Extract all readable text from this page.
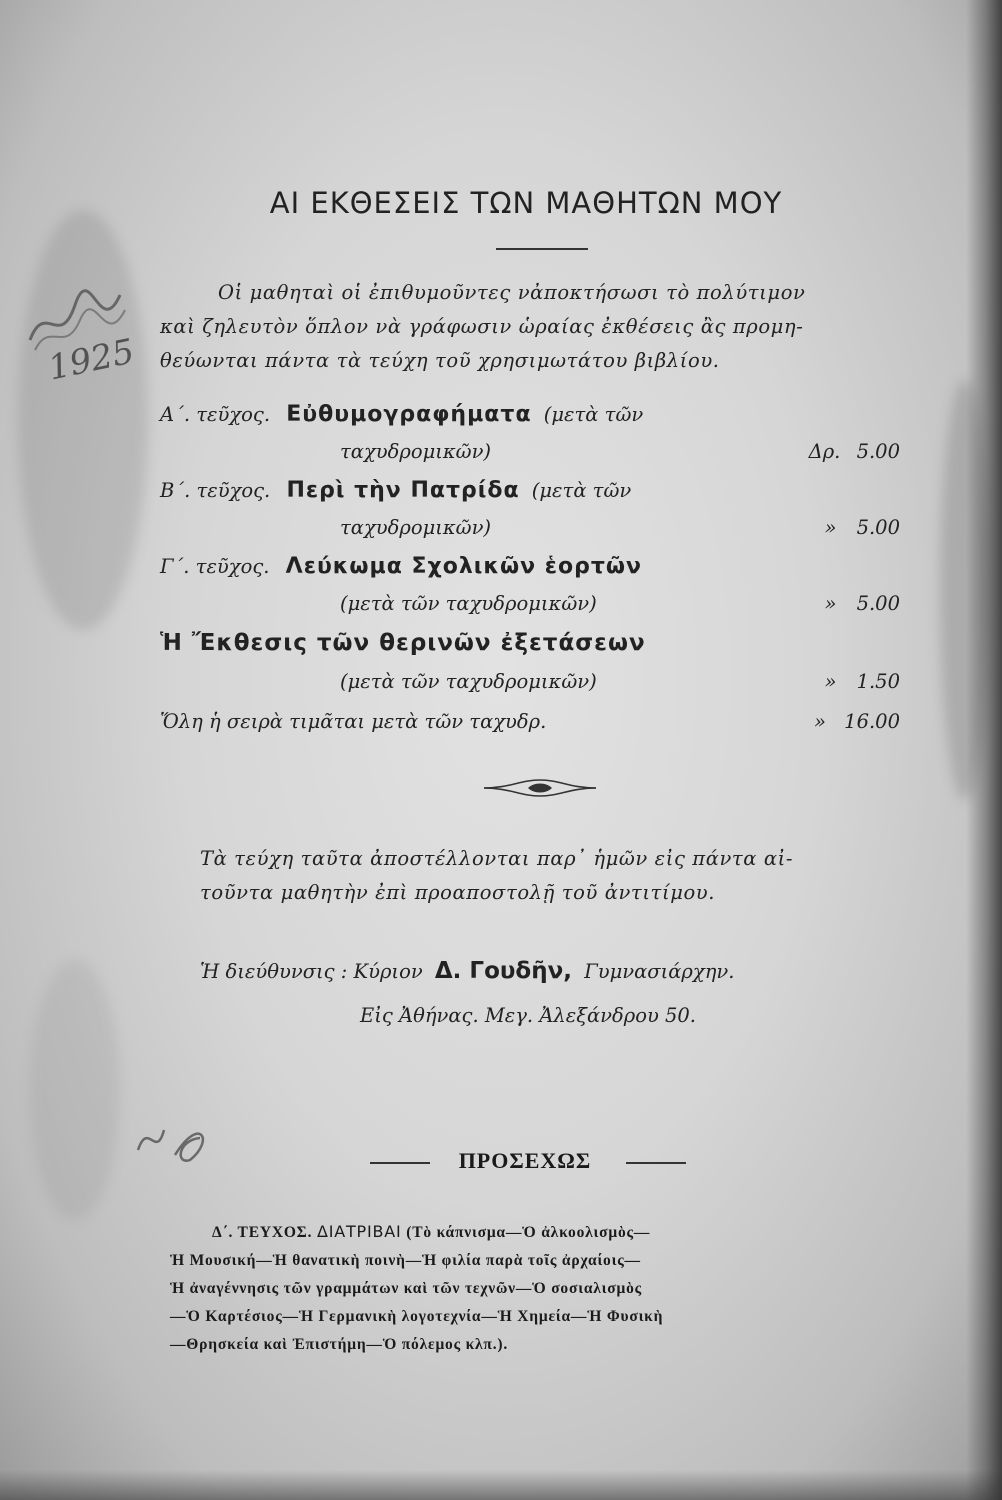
1925
ΑΙ ΕΚΘΕΣΕΙΣ ΤΩΝ ΜΑΘΗΤΩΝ ΜΟΥ
Οἱ μαθηταὶ οἱ ἐπιθυμοῦντες νἀποκτήσωσι τὸ πολύτιμον
καὶ ζηλευτὸν ὅπλον νὰ γράφωσιν ὡραίας ἐκθέσεις ἂς προμη-
θεύωνται πάντα τὰ τεύχη τοῦ χρησιμωτάτου βιβλίου.
Α΄. τεῦχος. Εὐθυμογραφήματα (μετὰ τῶν
ταχυδρομικῶν)	Δρ. 5.00
Β΄. τεῦχος. Περὶ τὴν Πατρίδα (μετὰ τῶν
ταχυδρομικῶν)	» 5.00
Γ΄. τεῦχος. Λεύκωμα Σχολικῶν ἑορτῶν
(μετὰ τῶν ταχυδρομικῶν)	» 5.00
Ἡ Ἔκθεσις τῶν θερινῶν ἐξετάσεων
(μετὰ τῶν ταχυδρομικῶν)	» 1.50
Ὅλη ἡ σειρὰ τιμᾶται μετὰ τῶν ταχυδρ.	» 16.00
Τὰ τεύχη ταῦτα ἀποστέλλονται παρ᾽ ἡμῶν εἰς πάντα αἰ-
τοῦντα μαθητὴν ἐπὶ προαποστολῇ τοῦ ἀντιτίμου.
Ἡ διεύθυνσις : Κύριον Δ. Γουδῆν, Γυμνασιάρχην.
Εἰς Ἀθήνας. Μεγ. Ἀλεξάνδρου 50.
ΠΡΟΣΕΧΩΣ
Δ΄. ΤΕΥΧΟΣ. ΔΙΑΤΡΙΒΑΙ (Τὸ κάπνισμα—Ὁ ἀλκοολισμὸς—
Ἡ Μουσική—Ἡ θανατικὴ ποινὴ—Ἡ φιλία παρὰ τοῖς ἀρχαίοις—
Ἡ ἀναγέννησις τῶν γραμμάτων καὶ τῶν τεχνῶν—Ὁ σοσιαλισμὸς
—Ὁ Καρτέσιος—Ἡ Γερμανικὴ λογοτεχνία—Ἡ Χημεία—Ἡ Φυσικὴ
—Θρησκεία καὶ Ἐπιστήμη—Ὁ πόλεμος κλπ.).
